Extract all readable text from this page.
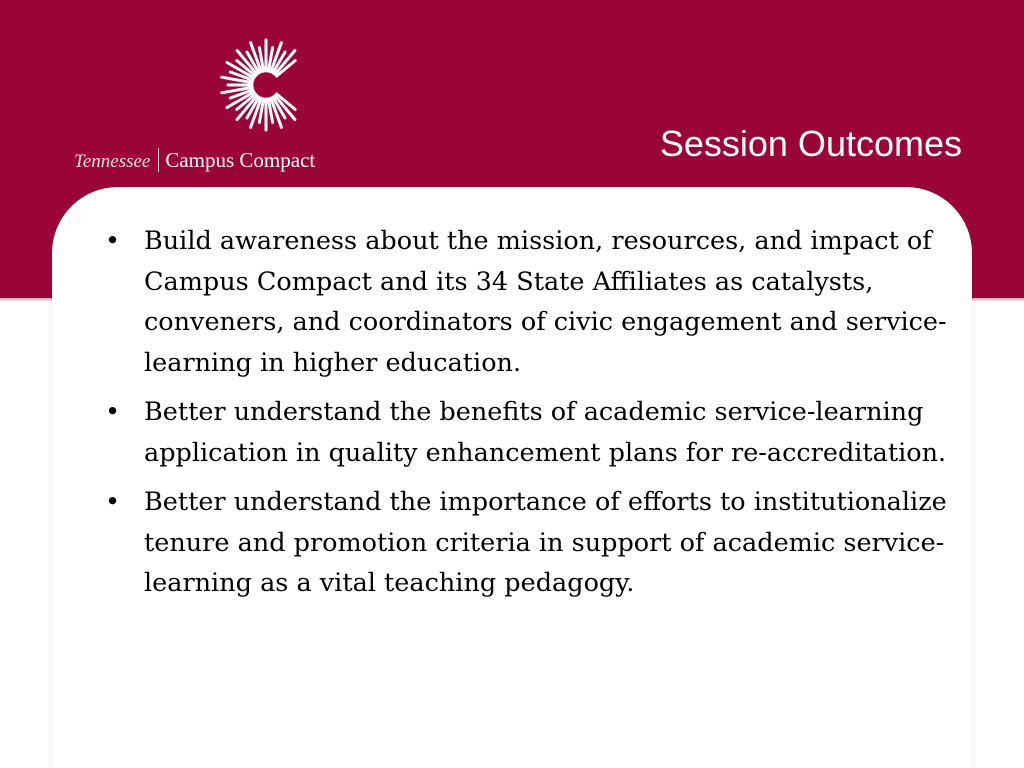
Tennessee Campus Compact	Session Outcomes
• Build awareness about the mission, resources, and impact of Campus Compact and its 34 State Affiliates as catalysts, conveners, and coordinators of civic engagement and service-learning in higher education.
• Better understand the benefits of academic service-learning application in quality enhancement plans for re-accreditation.
• Better understand the importance of efforts to institutionalize tenure and promotion criteria in support of academic service-learning as a vital teaching pedagogy.
